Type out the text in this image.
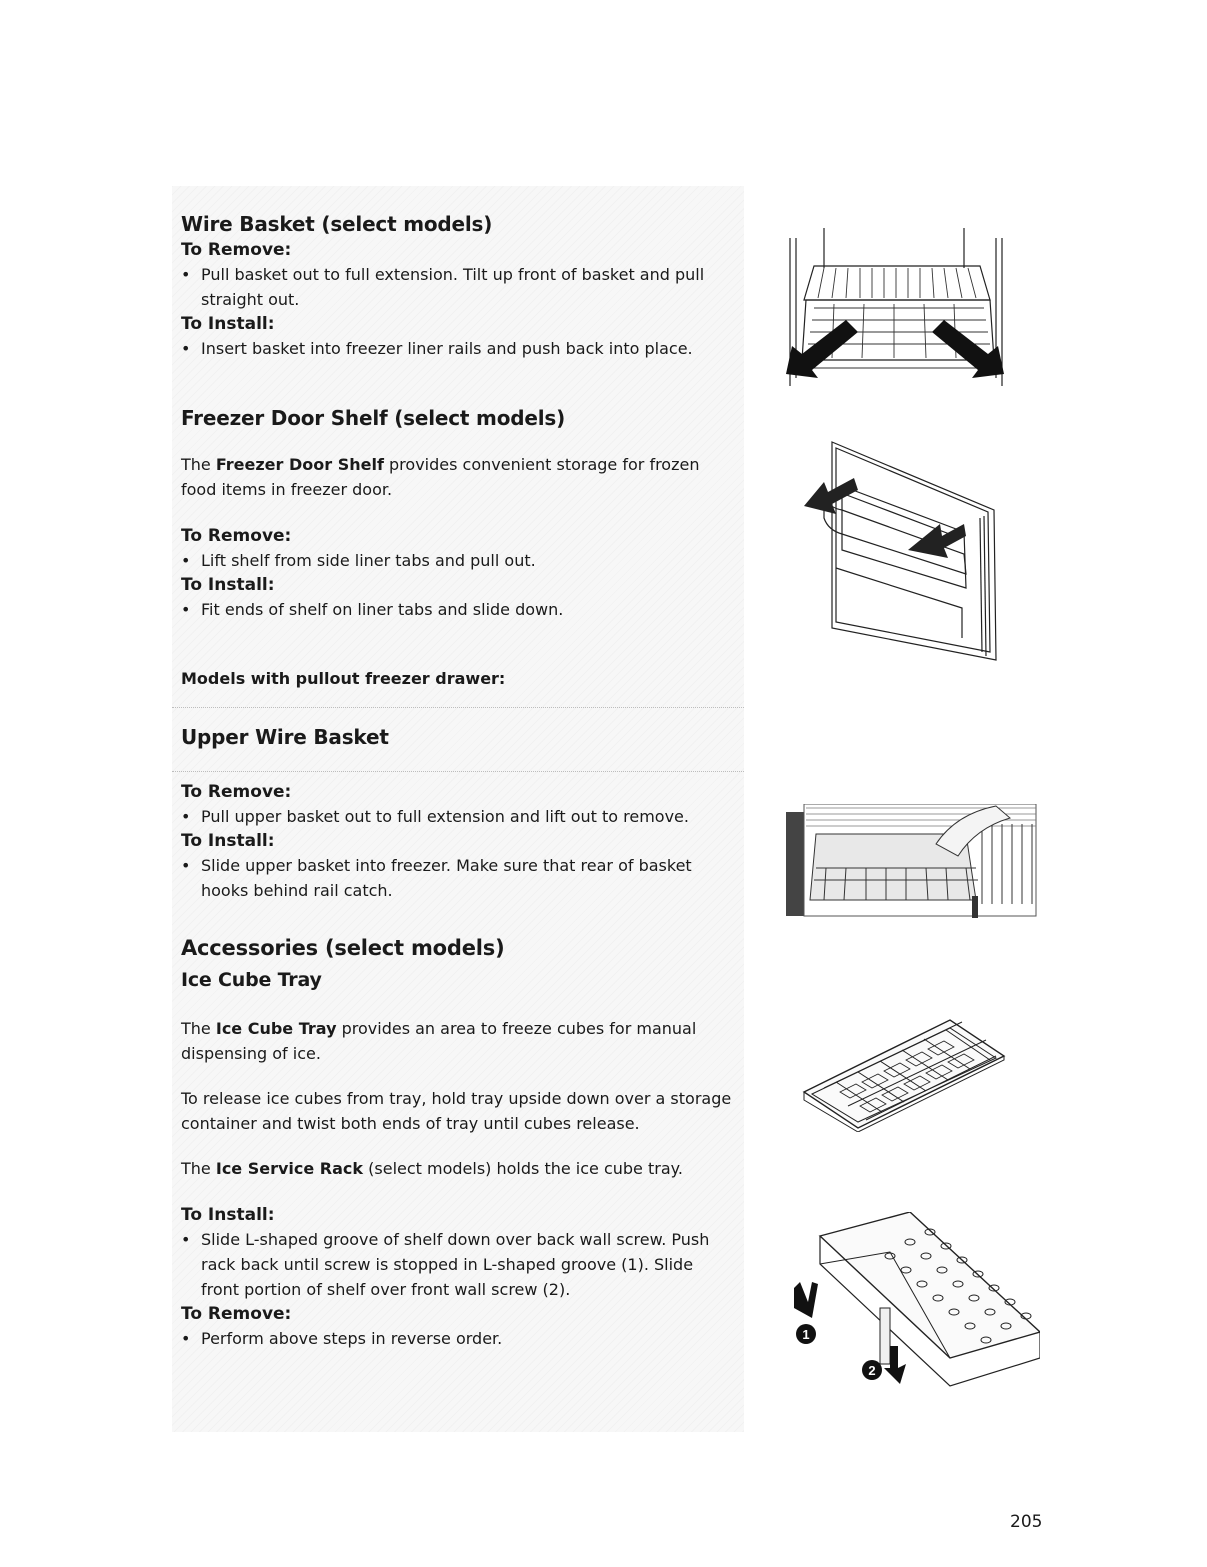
Wire Basket (select models)

To Remove:

• Pull basket out to full extension. Tilt up front of basket and pull straight out.

To Install:

• Insert basket into freezer liner rails and push back into place.

Freezer Door Shelf (select models)

The Freezer Door Shelf provides convenient storage for frozen food items in freezer door.

To Remove:

• Lift shelf from side liner tabs and pull out.

To Install:

• Fit ends of shelf on liner tabs and slide down.

Models with pullout freezer drawer:

Upper Wire Basket

To Remove:

• Pull upper basket out to full extension and lift out to remove.

To Install:

• Slide upper basket into freezer. Make sure that rear of basket hooks behind rail catch.

Accessories (select models)

Ice Cube Tray

The Ice Cube Tray provides an area to freeze cubes for manual dispensing of ice.

To release ice cubes from tray, hold tray upside down over a storage container and twist both ends of tray until cubes release.

The Ice Service Rack (select models) holds the ice cube tray.

To Install:

• Slide L-shaped groove of shelf down over back wall screw. Push rack back until screw is stopped in L-shaped groove (1). Slide front portion of shelf over front wall screw (2).

To Remove:

• Perform above steps in reverse order.	1
2
205
